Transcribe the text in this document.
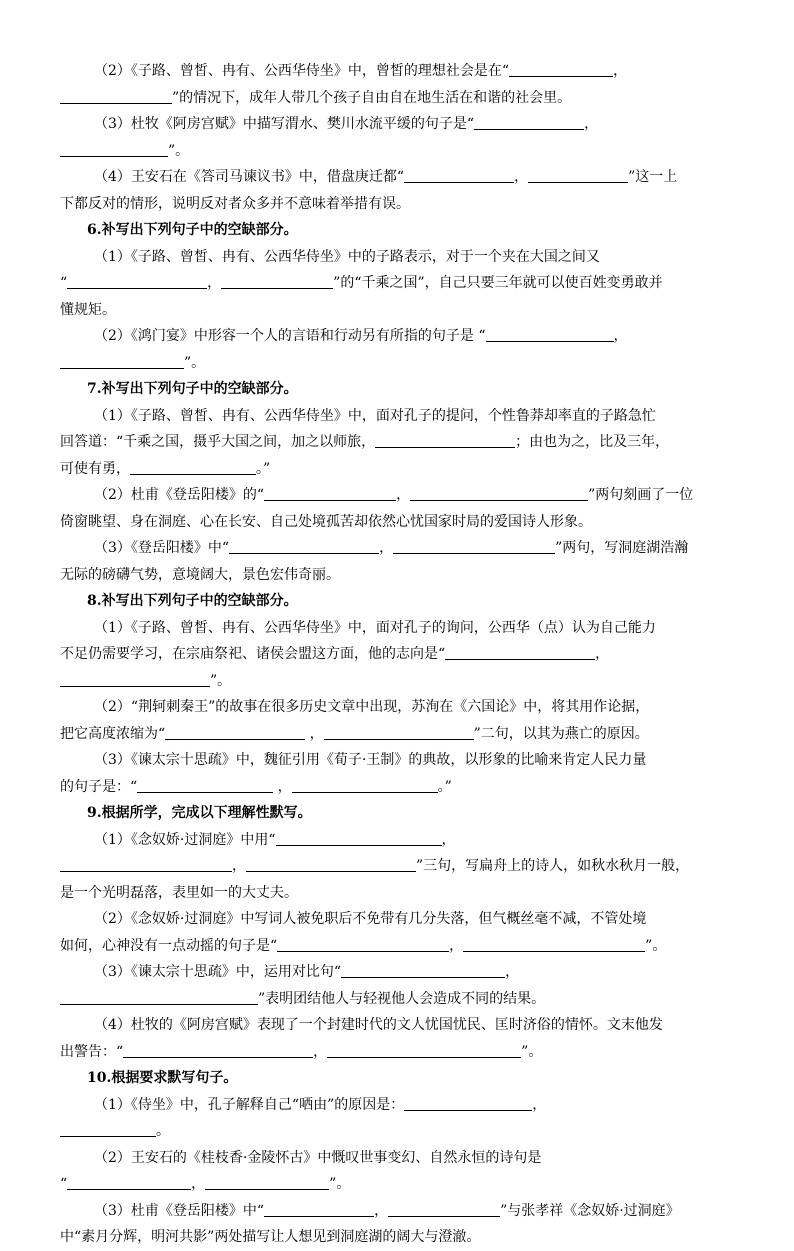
（2）《子路、曾皙、冉有、公西华侍坐》中，曾皙的理想社会是在“	，
”的情况下，成年人带几个孩子自由自在地生活在和谐的社会里。
（3）杜牧《阿房宫赋》中描写渭水、樊川水流平缓的句子是“	，
”。
（4）王安石在《答司马谏议书》中，借盘庚迁都“	，	”这一上
下都反对的情形，说明反对者众多并不意味着举措有误。
6.补写出下列句子中的空缺部分。
（1）《子路、曾皙、冉有、公西华侍坐》中的子路表示，对于一个夹在大国之间又
“	，	”的“千乘之国”，自己只要三年就可以使百姓变勇敢并
懂规矩。
（2）《鸿门宴》中形容一个人的言语和行动另有所指的句子是 “	，
”。
7.补写出下列句子中的空缺部分。
（1）《子路、曾皙、冉有、公西华侍坐》中，面对孔子的提问，个性鲁莽却率直的子路急忙
回答道：“千乘之国，摄乎大国之间，加之以师旅，	；由也为之，比及三年，
可使有勇，	。”
（2）杜甫《登岳阳楼》的“	，	”两句刻画了一位
倚窗眺望、身在洞庭、心在长安、自己处境孤苦却依然心忧国家时局的爱国诗人形象。
（3）《登岳阳楼》中“	，	”两句，写洞庭湖浩瀚
无际的磅礴气势，意境阔大，景色宏伟奇丽。
8.补写出下列句子中的空缺部分。
（1）《子路、曾皙、冉有、公西华侍坐》中，面对孔子的询问，公西华（点）认为自己能力
不足仍需要学习，在宗庙祭祀、诸侯会盟这方面，他的志向是“	，
”。
（2）“荆轲刺秦王”的故事在很多历史文章中出现，苏洵在《六国论》中，将其用作论据，
把它高度浓缩为“	，	”二句，以其为燕亡的原因。
（3）《谏太宗十思疏》中，魏征引用《荀子·王制》的典故，以形象的比喻来肯定人民力量
的句子是：“	，	。”
9.根据所学，完成以下理解性默写。
（1）《念奴娇·过洞庭》中用“	，
，	”三句，写扁舟上的诗人，如秋水秋月一般，
是一个光明磊落，表里如一的大丈夫。
（2）《念奴娇·过洞庭》中写词人被免职后不免带有几分失落，但气概丝毫不减，不管处境
如何，心神没有一点动摇的句子是“	，	”。
（3）《谏太宗十思疏》中，运用对比句“	，
”表明团结他人与轻视他人会造成不同的结果。
（4）杜牧的《阿房宫赋》表现了一个封建时代的文人忧国忧民、匡时济俗的情怀。文末他发
出警告：“	，	”。
10.根据要求默写句子。
（1）《侍坐》中，孔子解释自己“哂由”的原因是：	，
。
（2）王安石的《桂枝香·金陵怀古》中慨叹世事变幻、自然永恒的诗句是
“	，	”。
（3）杜甫《登岳阳楼》中“	，	”与张孝祥《念奴娇·过洞庭》
中“素月分辉，明河共影”两处描写让人想见到洞庭湖的阔大与澄澈。
